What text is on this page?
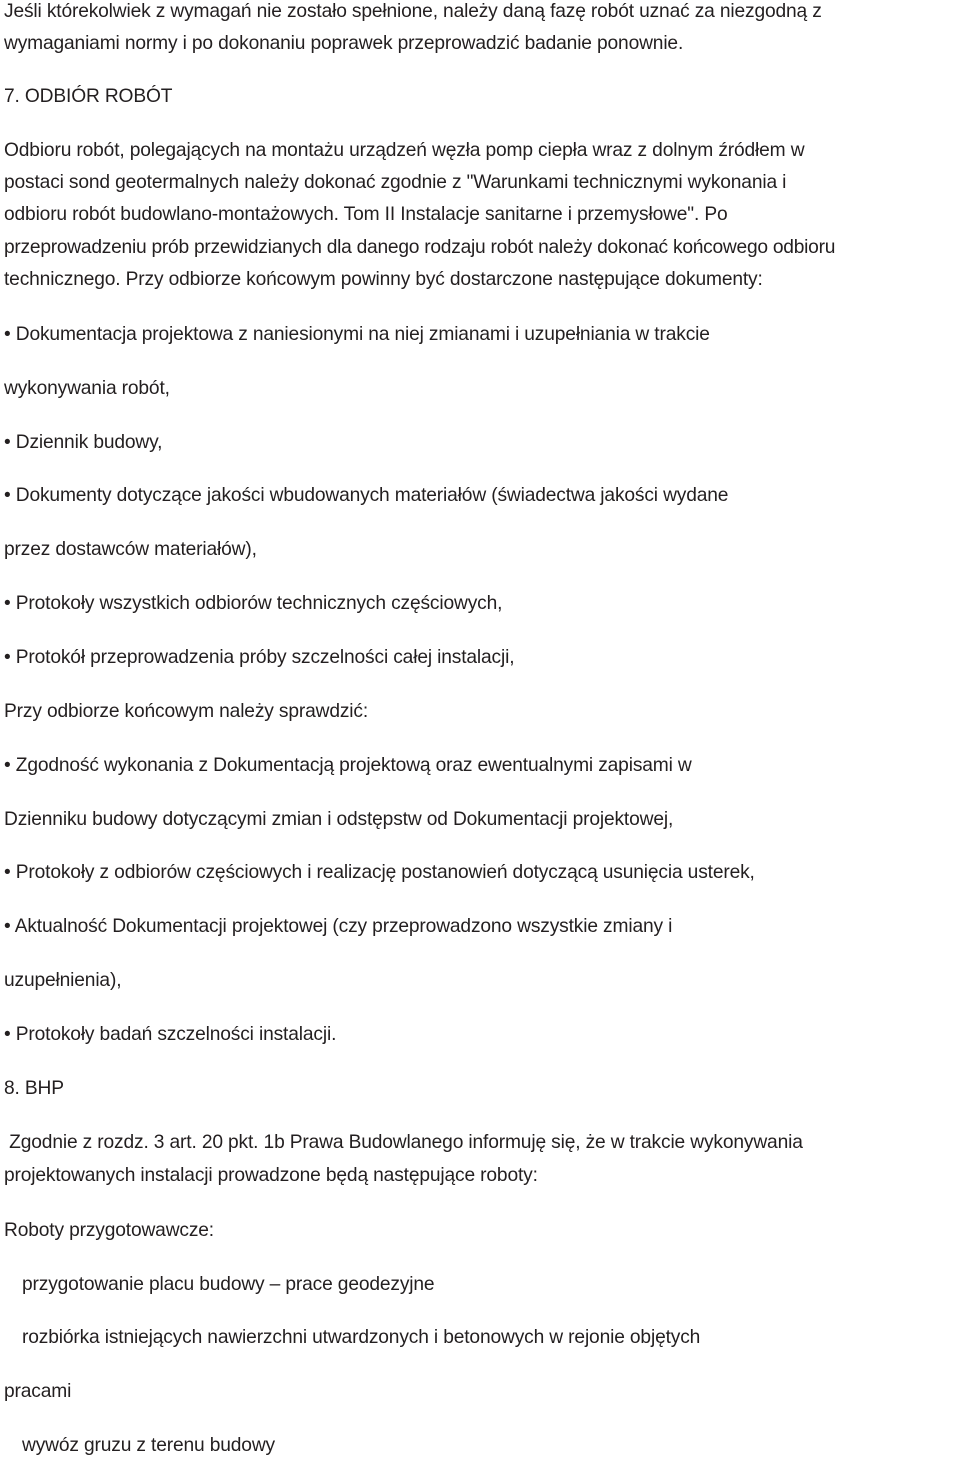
Jeśli którekolwiek z wymagań nie zostało spełnione, należy daną fazę robót uznać za niezgodną z
wymaganiami normy i po dokonaniu poprawek przeprowadzić badanie ponownie.
7. ODBIÓR ROBÓT
Odbioru robót, polegających na montażu urządzeń węzła pomp ciepła wraz z dolnym źródłem w
postaci sond geotermalnych należy dokonać zgodnie z "Warunkami technicznymi wykonania i
odbioru robót budowlano-montażowych. Tom II Instalacje sanitarne i przemysłowe". Po
przeprowadzeniu prób przewidzianych dla danego rodzaju robót należy dokonać końcowego odbioru
technicznego. Przy odbiorze końcowym powinny być dostarczone następujące dokumenty:
• Dokumentacja projektowa z naniesionymi na niej zmianami i uzupełniania w trakcie
wykonywania robót,
• Dziennik budowy,
• Dokumenty dotyczące jakości wbudowanych materiałów (świadectwa jakości wydane
przez dostawców materiałów),
• Protokoły wszystkich odbiorów technicznych częściowych,
• Protokół przeprowadzenia próby szczelności całej instalacji,
Przy odbiorze końcowym należy sprawdzić:
• Zgodność wykonania z Dokumentacją projektową oraz ewentualnymi zapisami w
Dzienniku budowy dotyczącymi zmian i odstępstw od Dokumentacji projektowej,
• Protokoły z odbiorów częściowych i realizację postanowień dotyczącą usunięcia usterek,
• Aktualność Dokumentacji projektowej (czy przeprowadzono wszystkie zmiany i
uzupełnienia),
• Protokoły badań szczelności instalacji.
8. BHP
Zgodnie z rozdz. 3 art. 20 pkt. 1b Prawa Budowlanego informuję się, że w trakcie wykonywania
projektowanych instalacji prowadzone będą następujące roboty:
Roboty przygotowawcze:
przygotowanie placu budowy – prace geodezyjne
rozbiórka istniejących nawierzchni utwardzonych i betonowych w rejonie objętych
pracami
wywóz gruzu z terenu budowy
